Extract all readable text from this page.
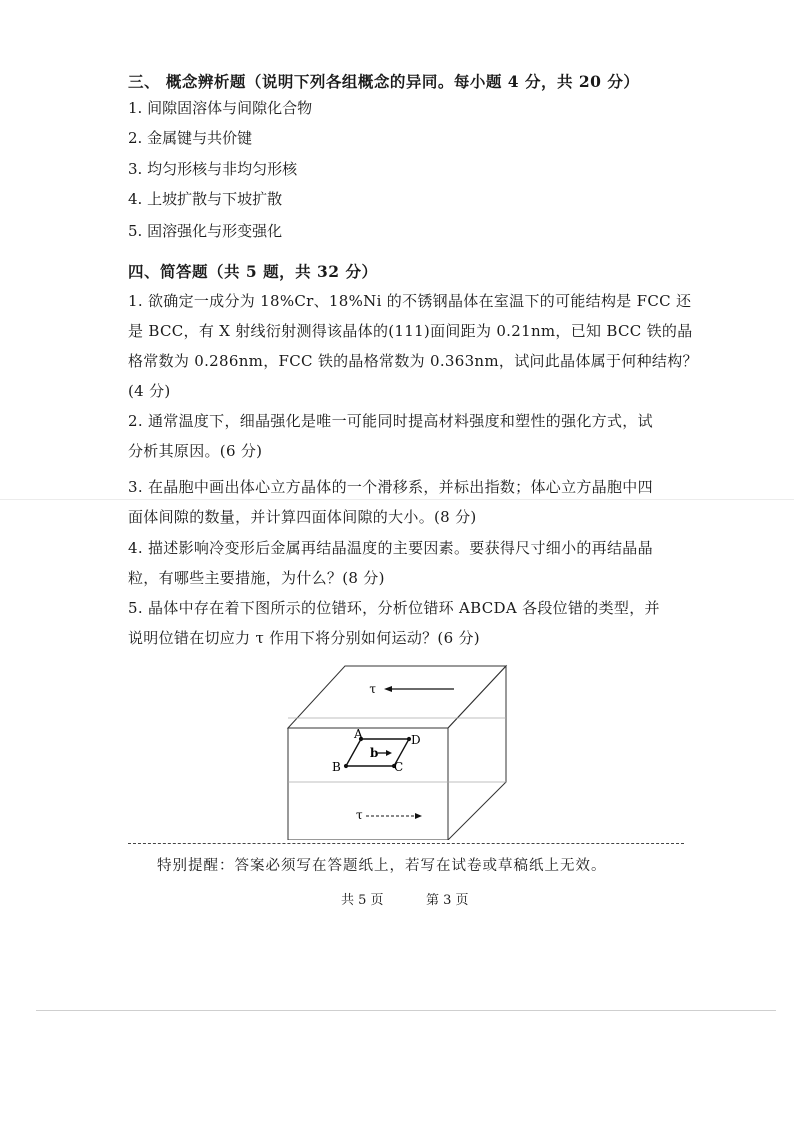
三、 概念辨析题（说明下列各组概念的异同。每小题 4 分，共 20 分）
1. 间隙固溶体与间隙化合物
2. 金属键与共价键
3. 均匀形核与非均匀形核
4. 上坡扩散与下坡扩散
5. 固溶强化与形变强化
四、简答题（共 5 题，共 32 分）
1. 欲确定一成分为 18%Cr、18%Ni 的不锈钢晶体在室温下的可能结构是 FCC 还
是 BCC，有 X 射线衍射测得该晶体的(111)面间距为 0.21nm，已知 BCC 铁的晶
格常数为 0.286nm，FCC 铁的晶格常数为 0.363nm，试问此晶体属于何种结构？
(4 分)
2. 通常温度下，细晶强化是唯一可能同时提高材料强度和塑性的强化方式，试
分析其原因。(6 分)
3. 在晶胞中画出体心立方晶体的一个滑移系，并标出指数；体心立方晶胞中四
面体间隙的数量，并计算四面体间隙的大小。(8 分)
4. 描述影响冷变形后金属再结晶温度的主要因素。要获得尺寸细小的再结晶晶
粒，有哪些主要措施，为什么？(8 分)
5. 晶体中存在着下图所示的位错环，分析位错环 ABCDA 各段位错的类型，并
说明位错在切应力 τ 作用下将分别如何运动？(6 分)
τ
b
A	D
C
B
τ
特别提醒：答案必须写在答题纸上，若写在试卷或草稿纸上无效。
共 5 页	第 3 页
